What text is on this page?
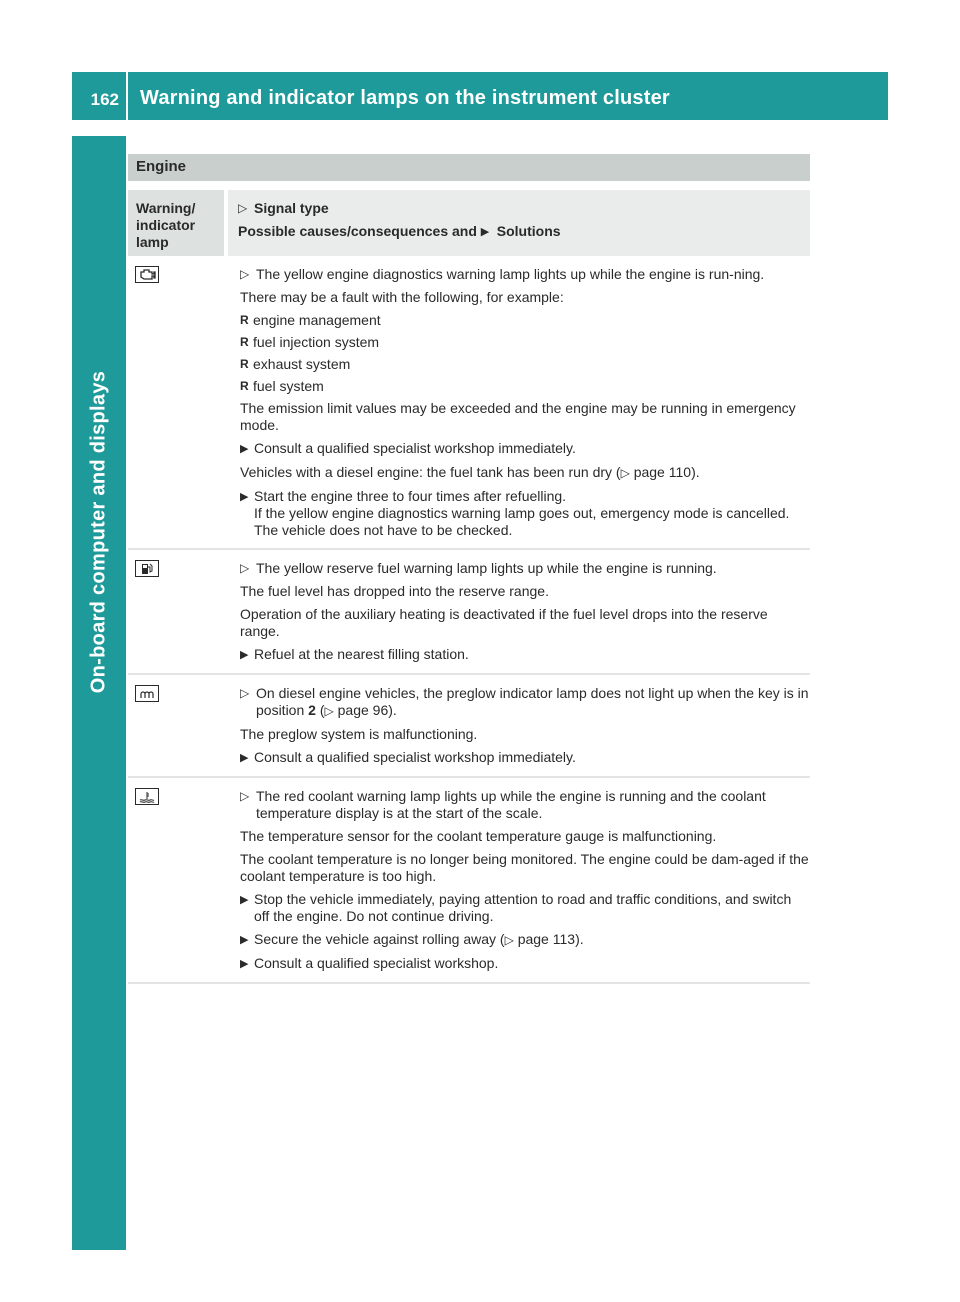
162 Warning and indicator lamps on the instrument cluster
On-board computer and displays
Engine
Warning/
indicator
lamp
▷ Signal type
Possible causes/consequences and
▶ Solutions
▷ The yellow engine diagnostics warning lamp lights up while the engine is run-ning.
There may be a fault with the following, for example:
R engine management
R fuel injection system
R exhaust system
R fuel system
The emission limit values may be exceeded and the engine may be running in emergency mode.
▶ Consult a qualified specialist workshop immediately.
Vehicles with a diesel engine: the fuel tank has been run dry (▷ page 110).
▶ Start the engine three to four times after refuelling.
If the yellow engine diagnostics warning lamp goes out, emergency mode is cancelled. The vehicle does not have to be checked.
▷ The yellow reserve fuel warning lamp lights up while the engine is running.
The fuel level has dropped into the reserve range.
Operation of the auxiliary heating is deactivated if the fuel level drops into the reserve range.
▶ Refuel at the nearest filling station.
▷ On diesel engine vehicles, the preglow indicator lamp does not light up when the key is in position 2 (▷ page 96).
The preglow system is malfunctioning.
▶ Consult a qualified specialist workshop immediately.
▷ The red coolant warning lamp lights up while the engine is running and the coolant temperature display is at the start of the scale.
The temperature sensor for the coolant temperature gauge is malfunctioning.
The coolant temperature is no longer being monitored. The engine could be dam-aged if the coolant temperature is too high.
▶ Stop the vehicle immediately, paying attention to road and traffic conditions, and switch off the engine. Do not continue driving.
▶ Secure the vehicle against rolling away (▷ page 113).
▶ Consult a qualified specialist workshop.
